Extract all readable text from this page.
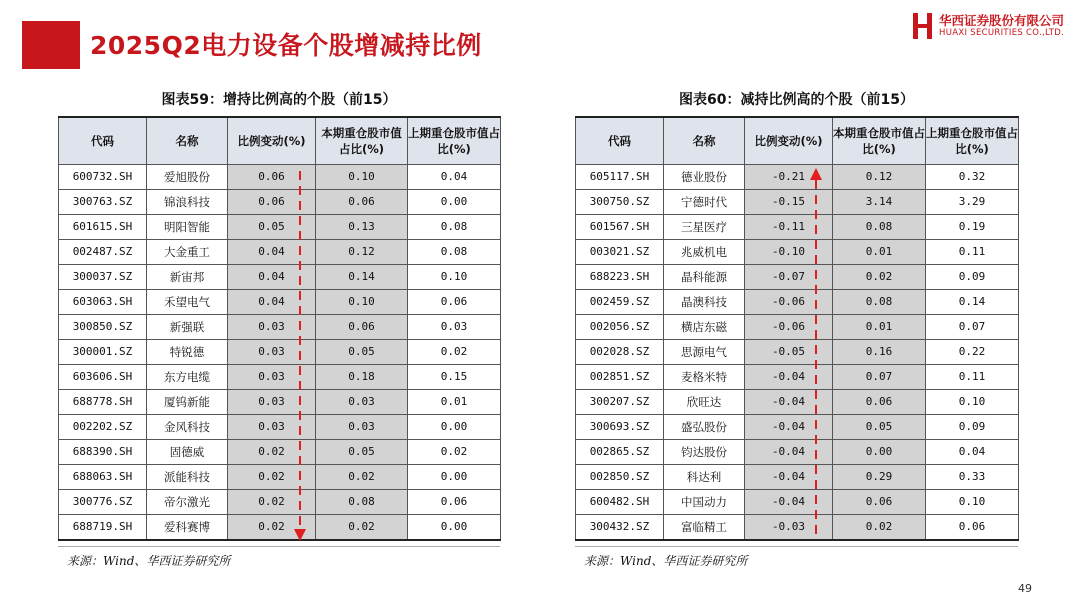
2025Q2电力设备个股增减持比例
华西证券股份有限公司
HUAXI SECURITIES CO.,LTD.
图表59：增持比例高的个股（前15）
代码	名称	比例变动(%)	本期重仓股市值占比(%)	上期重仓股市值占比(%)
600732.SH	爱旭股份	0.06	0.10	0.04
300763.SZ	锦浪科技	0.06	0.06	0.00
601615.SH	明阳智能	0.05	0.13	0.08
002487.SZ	大金重工	0.04	0.12	0.08
300037.SZ	新宙邦	0.04	0.14	0.10
603063.SH	禾望电气	0.04	0.10	0.06
300850.SZ	新强联	0.03	0.06	0.03
300001.SZ	特锐德	0.03	0.05	0.02
603606.SH	东方电缆	0.03	0.18	0.15
688778.SH	厦钨新能	0.03	0.03	0.01
002202.SZ	金风科技	0.03	0.03	0.00
688390.SH	固德威	0.02	0.05	0.02
688063.SH	派能科技	0.02	0.02	0.00
300776.SZ	帝尔激光	0.02	0.08	0.06
688719.SH	爱科赛博	0.02	0.02	0.00
图表60：减持比例高的个股（前15）
代码	名称	比例变动(%)	本期重仓股市值占比(%)	上期重仓股市值占比(%)
605117.SH	德业股份	-0.21	0.12	0.32
300750.SZ	宁德时代	-0.15	3.14	3.29
601567.SH	三星医疗	-0.11	0.08	0.19
003021.SZ	兆威机电	-0.10	0.01	0.11
688223.SH	晶科能源	-0.07	0.02	0.09
002459.SZ	晶澳科技	-0.06	0.08	0.14
002056.SZ	横店东磁	-0.06	0.01	0.07
002028.SZ	思源电气	-0.05	0.16	0.22
002851.SZ	麦格米特	-0.04	0.07	0.11
300207.SZ	欣旺达	-0.04	0.06	0.10
300693.SZ	盛弘股份	-0.04	0.05	0.09
002865.SZ	钧达股份	-0.04	0.00	0.04
002850.SZ	科达利	-0.04	0.29	0.33
600482.SH	中国动力	-0.04	0.06	0.10
300432.SZ	富临精工	-0.03	0.02	0.06
来源：Wind、华西证券研究所	来源：Wind、华西证券研究所
49
